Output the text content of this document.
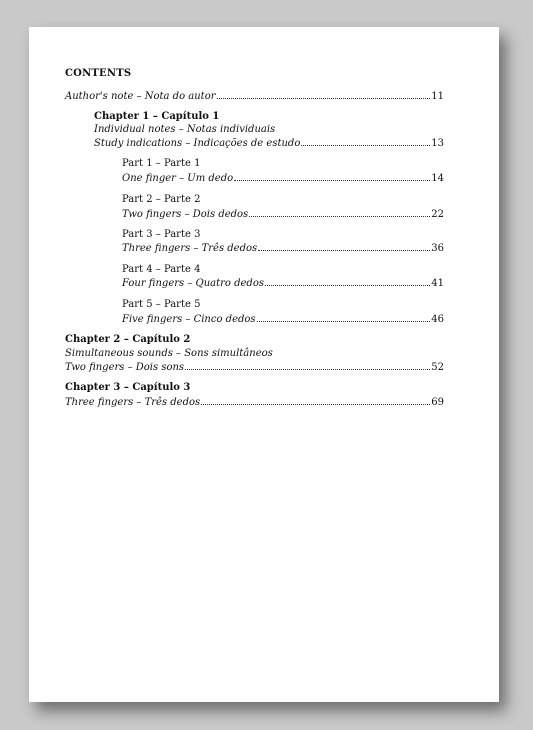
CONTENTS
Author's note – Nota do autor	11
Chapter 1 – Capítulo 1
Individual notes – Notas individuais
Study indications – Indicações de estudo	13
Part 1 – Parte 1
One finger – Um dedo	14
Part 2 – Parte 2
Two fingers – Dois dedos	22
Part 3 – Parte 3
Three fingers – Três dedos	36
Part 4 – Parte 4
Four fingers – Quatro dedos	41
Part 5 – Parte 5
Five fingers – Cinco dedos	46
Chapter 2 – Capítulo 2
Simultaneous sounds – Sons simultâneos
Two fingers – Dois sons	52
Chapter 3 – Capítulo 3
Three fingers – Três dedos	69
